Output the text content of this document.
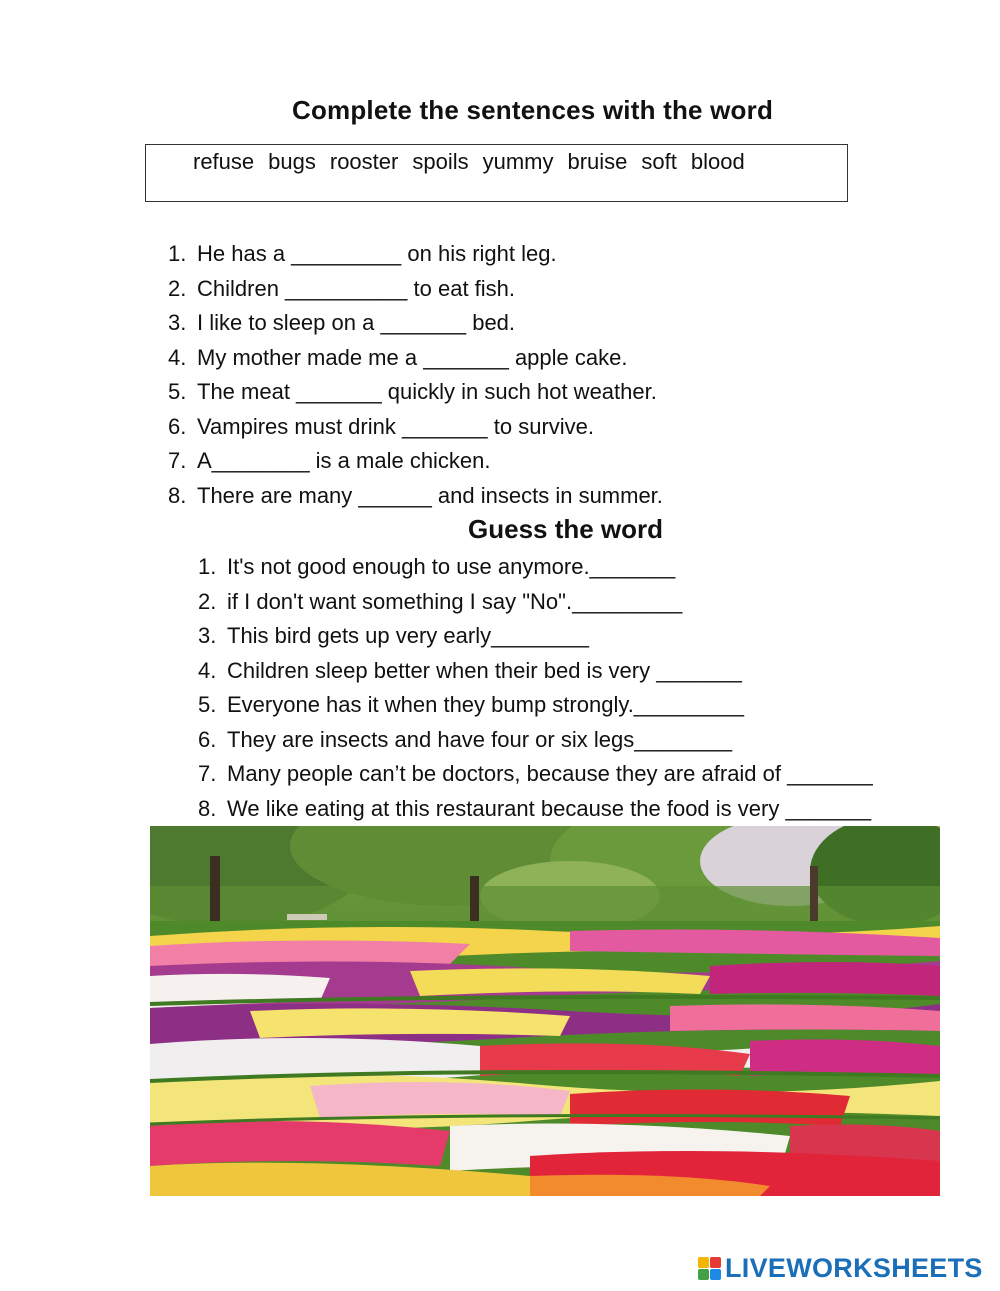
Complete the sentences with the word
refuse bugs rooster spoils yummy bruise soft blood
1. He has a _________ on his right leg.
2. Children __________ to eat fish.
3. I like to sleep on a _______ bed.
4. My mother made me a _______ apple cake.
5. The meat _______ quickly in such hot weather.
6. Vampires must drink _______ to survive.
7. A________ is a male chicken.
8. There are many ______ and insects in summer.
Guess the word
1. It's not good enough to use anymore._______
2. if I don't want something I say "No"._________
3. This bird gets up very early________
4. Children sleep better when their bed is very _______
5. Everyone has it when they bump strongly._________
6. They are insects and have four or six legs________
7. Many people can’t be doctors, because they are afraid of _______
8. We like eating at this restaurant because the food is very _______
LIVEWORKSHEETS
